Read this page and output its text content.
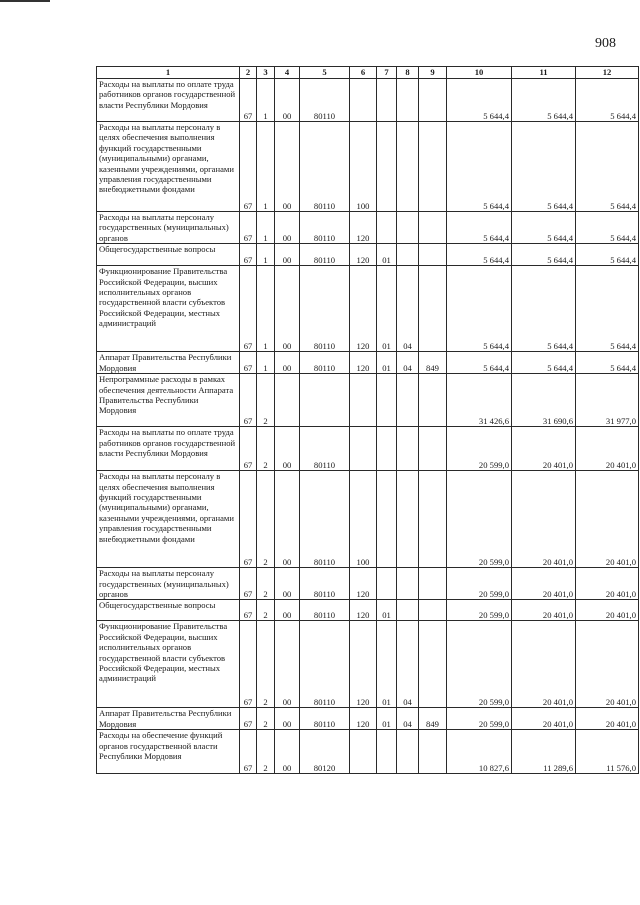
908
1	2	3	4	5	6	7	8	9	10	11	12
Расходы на выплаты по оплате труда работников органов государственной власти Республики Мордовия	67	1	00	80110					5 644,4	5 644,4	5 644,4
Расходы на выплаты персоналу в целях обеспечения выполнения функций государственными (муниципальными) органами, казенными учреждениями, органами управления государственными внебюджетными фондами	67	1	00	80110	100				5 644,4	5 644,4	5 644,4
Расходы на выплаты персоналу государственных (муниципальных) органов	67	1	00	80110	120				5 644,4	5 644,4	5 644,4
Общегосударственные вопросы	67	1	00	80110	120	01			5 644,4	5 644,4	5 644,4
Функционирование Правительства Российской Федерации, высших исполнительных органов государственной власти субъектов Российской Федерации, местных администраций	67	1	00	80110	120	01	04		5 644,4	5 644,4	5 644,4
Аппарат Правительства Республики Мордовия	67	1	00	80110	120	01	04	849	5 644,4	5 644,4	5 644,4
Непрограммные расходы в рамках обеспечения деятельности Аппарата Правительства Республики Мордовия	67	2							31 426,6	31 690,6	31 977,0
Расходы на выплаты по оплате труда работников органов государственной власти Республики Мордовия	67	2	00	80110					20 599,0	20 401,0	20 401,0
Расходы на выплаты персоналу в целях обеспечения выполнения функций государственными (муниципальными) органами, казенными учреждениями, органами управления государственными внебюджетными фондами	67	2	00	80110	100				20 599,0	20 401,0	20 401,0
Расходы на выплаты персоналу государственных (муниципальных) органов	67	2	00	80110	120				20 599,0	20 401,0	20 401,0
Общегосударственные вопросы	67	2	00	80110	120	01			20 599,0	20 401,0	20 401,0
Функционирование Правительства Российской Федерации, высших исполнительных органов государственной власти субъектов Российской Федерации, местных администраций	67	2	00	80110	120	01	04		20 599,0	20 401,0	20 401,0
Аппарат Правительства Республики Мордовия	67	2	00	80110	120	01	04	849	20 599,0	20 401,0	20 401,0
Расходы на обеспечение функций органов государственной власти Республики Мордовия	67	2	00	80120					10 827,6	11 289,6	11 576,0
